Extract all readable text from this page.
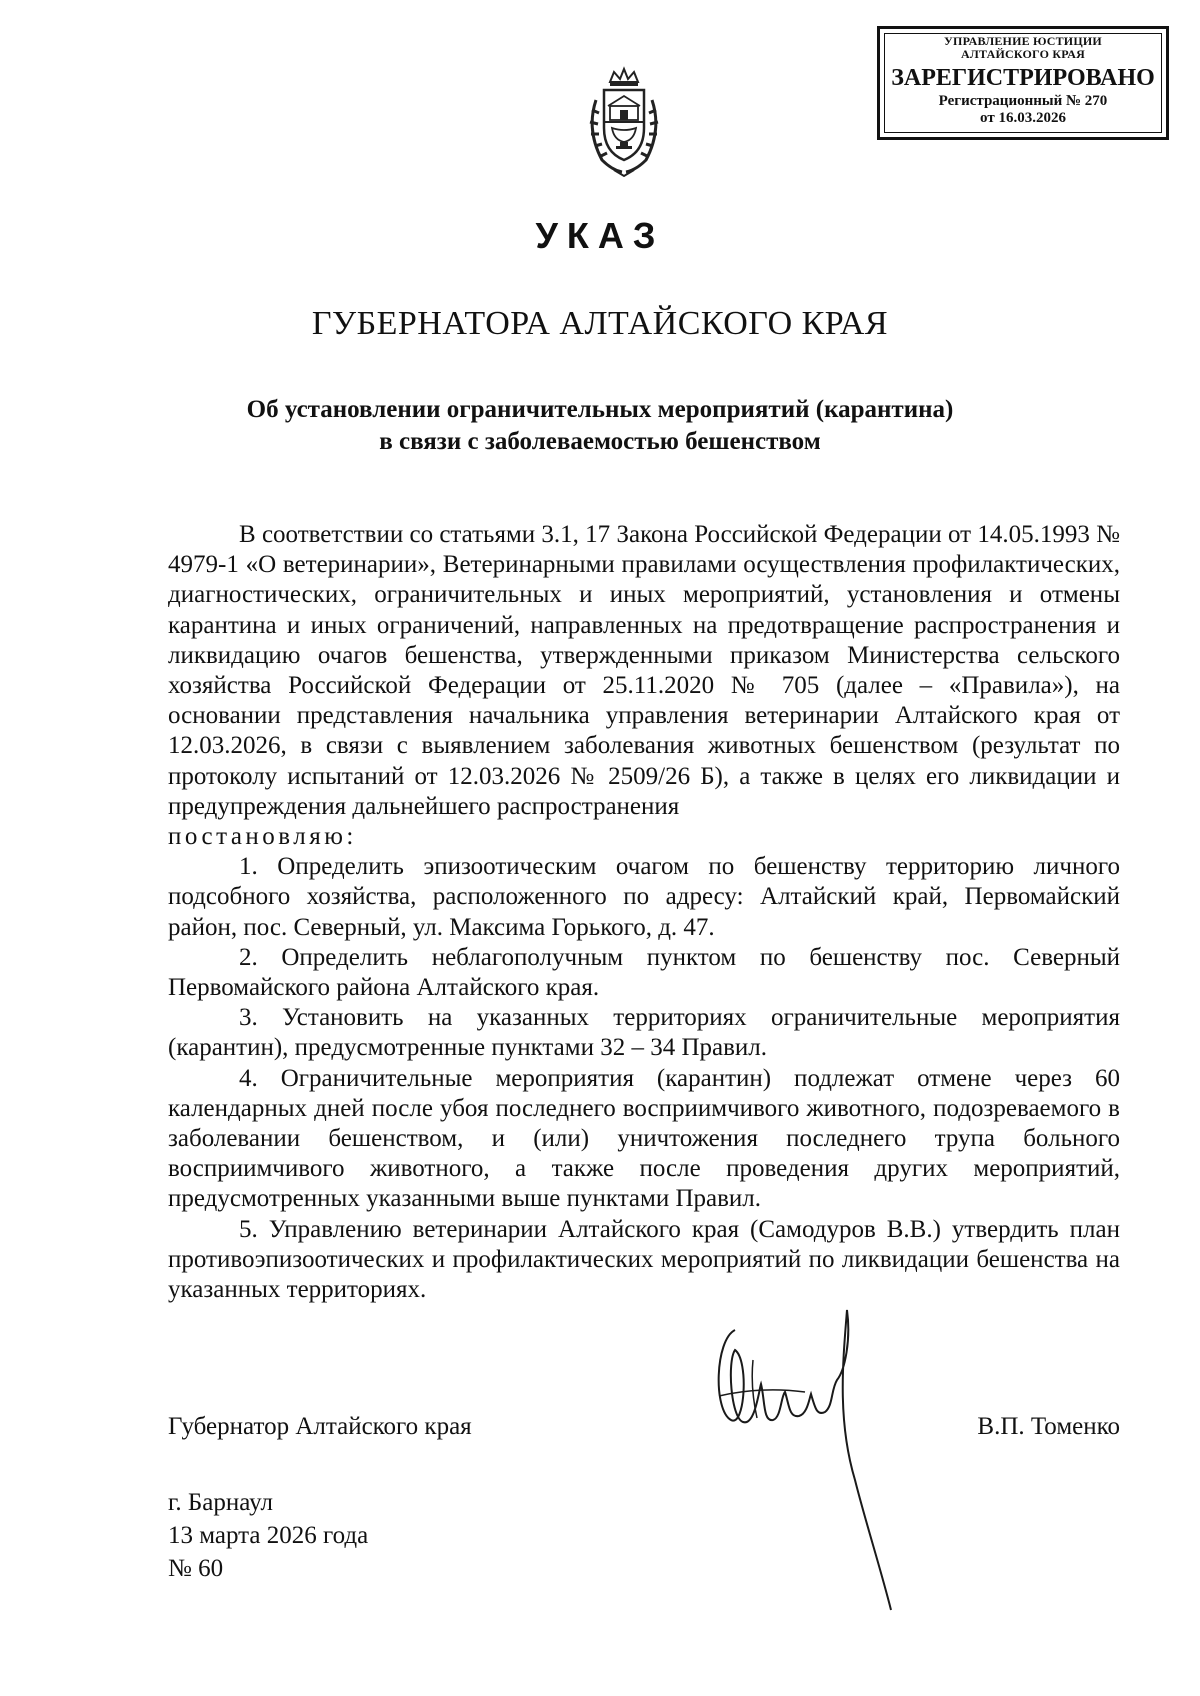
УПРАВЛЕНИЕ ЮСТИЦИИ
АЛТАЙСКОГО КРАЯ
ЗАРЕГИСТРИРОВАНО
Регистрационный № 270
от 16.03.2026
УКАЗ
ГУБЕРНАТОРА АЛТАЙСКОГО КРАЯ
Об установлении ограничительных мероприятий (карантина)
в связи с заболеваемостью бешенством

В соответствии со статьями 3.1, 17 Закона Российской Федерации от 14.05.1993 № 4979-1 «О ветеринарии», Ветеринарными правилами осуществления профилактических, диагностических, ограничительных и иных мероприятий, установления и отмены карантина и иных ограничений, направленных на предотвращение распространения и ликвидацию очагов бешенства, утвержденными приказом Министерства сельского хозяйства Российской Федерации от 25.11.2020 № 705 (далее – «Правила»), на основании представления начальника управления ветеринарии Алтайского края от 12.03.2026, в связи с выявлением заболевания животных бешенством (результат по протоколу испытаний от 12.03.2026 № 2509/26 Б), а также в целях его ликвидации и предупреждения дальнейшего распространения

постановляю:

1. Определить эпизоотическим очагом по бешенству территорию личного подсобного хозяйства, расположенного по адресу: Алтайский край, Первомайский район, пос. Северный, ул. Максима Горького, д. 47.

2. Определить неблагополучным пунктом по бешенству пос. Северный Первомайского района Алтайского края.

3. Установить на указанных территориях ограничительные мероприятия (карантин), предусмотренные пунктами 32 – 34 Правил.

4. Ограничительные мероприятия (карантин) подлежат отмене через 60 календарных дней после убоя последнего восприимчивого животного, подозреваемого в заболевании бешенством, и (или) уничтожения последнего трупа больного восприимчивого животного, а также после проведения других мероприятий, предусмотренных указанными выше пунктами Правил.

5. Управлению ветеринарии Алтайского края (Самодуров В.В.) утвердить план противоэпизоотических и профилактических мероприятий по ликвидации бешенства на указанных территориях.

Губернатор Алтайского края	В.П. Томенко
г. Барнаул
13 марта 2026 года
№ 60
